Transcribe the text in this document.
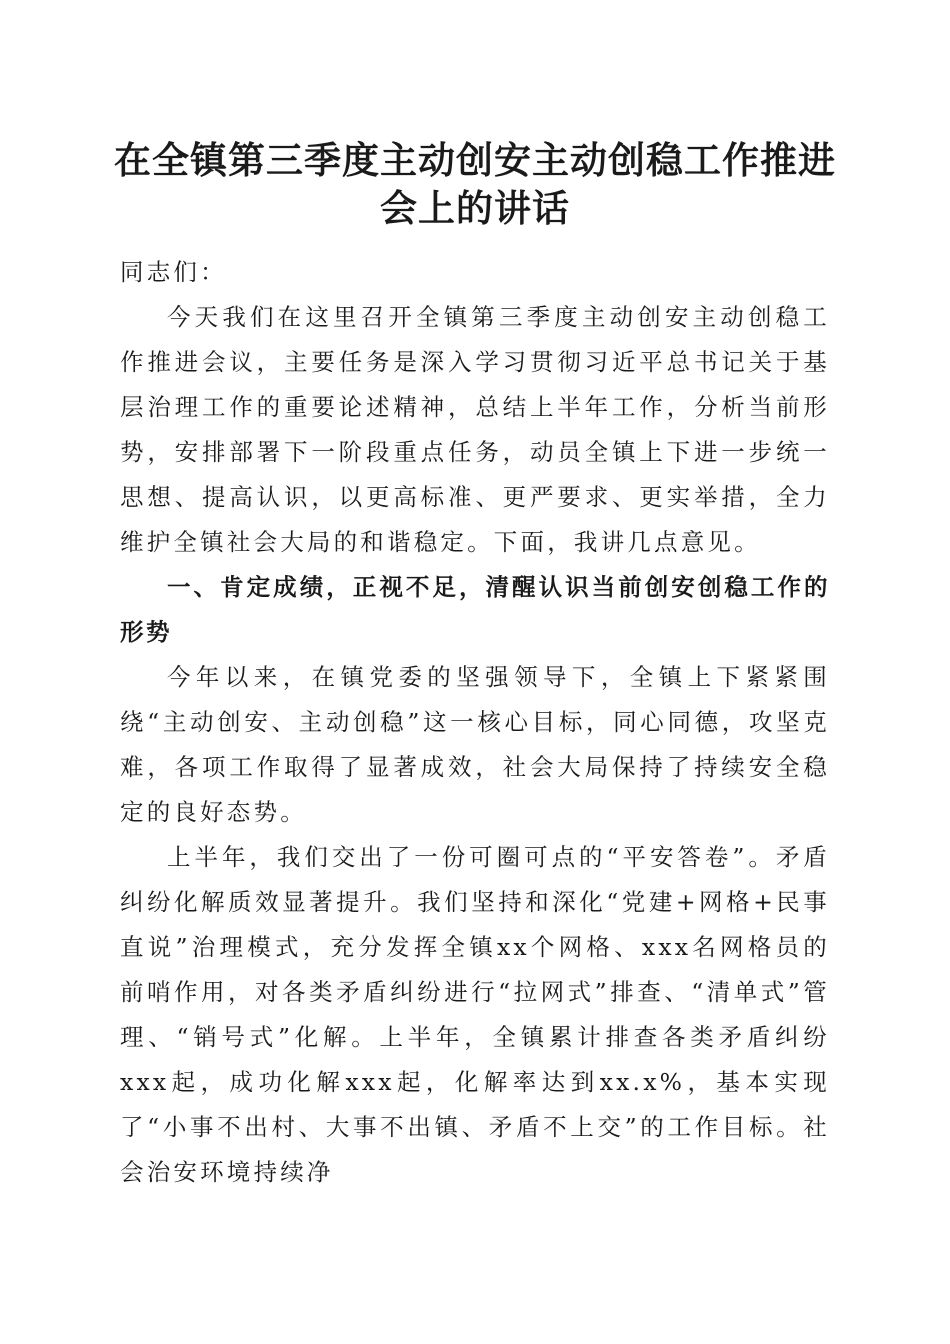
在全镇第三季度主动创安主动创稳工作推进会上的讲话

同志们：

今天我们在这里召开全镇第三季度主动创安主动创稳工作推进会议，主要任务是深入学习贯彻习近平总书记关于基层治理工作的重要论述精神，总结上半年工作，分析当前形势，安排部署下一阶段重点任务，动员全镇上下进一步统一思想、提高认识，以更高标准、更严要求、更实举措，全力维护全镇社会大局的和谐稳定。下面，我讲几点意见。

一、肯定成绩，正视不足，清醒认识当前创安创稳工作的形势

今年以来，在镇党委的坚强领导下，全镇上下紧紧围绕“主动创安、主动创稳”这一核心目标，同心同德，攻坚克难，各项工作取得了显著成效，社会大局保持了持续安全稳定的良好态势。

上半年，我们交出了一份可圈可点的“平安答卷”。矛盾纠纷化解质效显著提升。我们坚持和深化“党建+网格+民事直说”治理模式，充分发挥全镇xx个网格、xxx名网格员的前哨作用，对各类矛盾纠纷进行“拉网式”排查、“清单式”管理、“销号式”化解。上半年，全镇累计排查各类矛盾纠纷xxx起，成功化解xxx起，化解率达到xx.x%，基本实现了“小事不出村、大事不出镇、矛盾不上交”的工作目标。社会治安环境持续净
